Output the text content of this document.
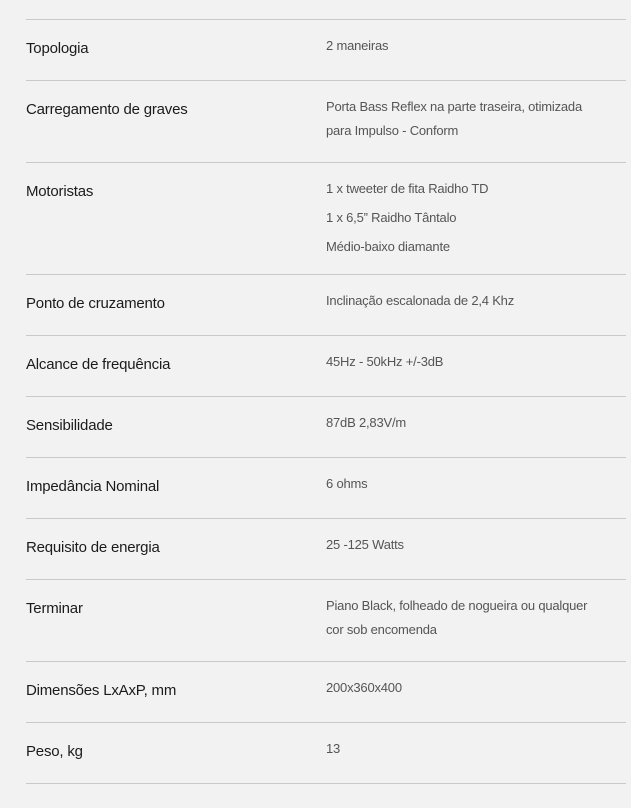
Topologia	2 maneiras
Carregamento de graves	Porta Bass Reflex na parte traseira, otimizada
para Impulso - Conform
Motoristas	1 x tweeter de fita Raidho TD
1 x 6,5” Raidho Tântalo
Médio-baixo diamante
Ponto de cruzamento	Inclinação escalonada de 2,4 Khz
Alcance de frequência	45Hz - 50kHz +/-3dB
Sensibilidade	87dB 2,83V/m
Impedância Nominal	6 ohms
Requisito de energia	25 -125 Watts
Terminar	Piano Black, folheado de nogueira ou qualquer
cor sob encomenda
Dimensões LxAxP, mm	200x360x400
Peso, kg	13
